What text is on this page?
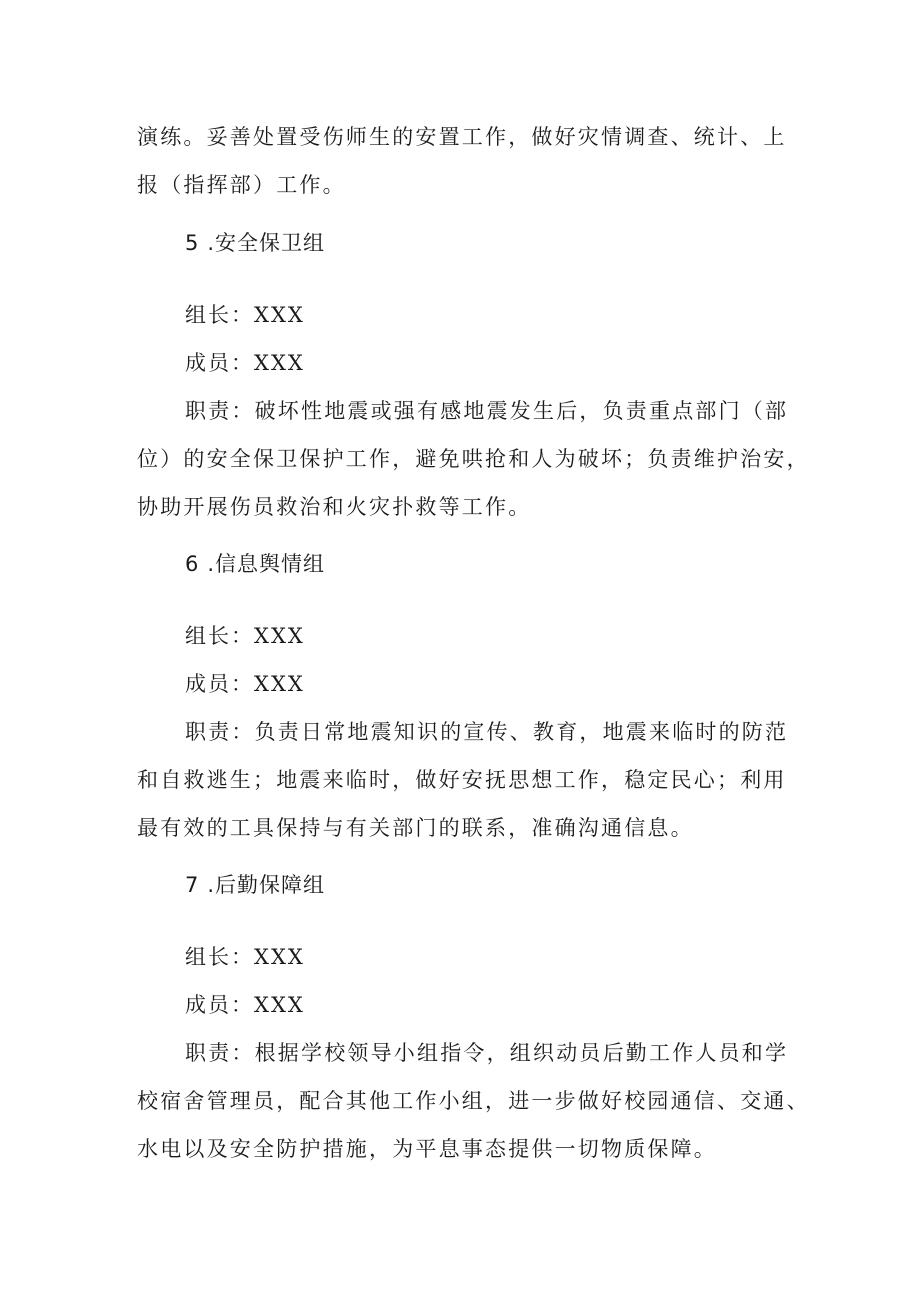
演练。妥善处置受伤师生的安置工作，做好灾情调查、统计、上
报（指挥部）工作。
5 .安全保卫组
组长：XXX
成员：XXX
职责：破坏性地震或强有感地震发生后，负责重点部门（部
位）的安全保卫保护工作，避免哄抢和人为破坏；负责维护治安，
协助开展伤员救治和火灾扑救等工作。
6 .信息舆情组
组长：XXX
成员：XXX
职责：负责日常地震知识的宣传、教育，地震来临时的防范
和自救逃生；地震来临时，做好安抚思想工作，稳定民心；利用
最有效的工具保持与有关部门的联系，准确沟通信息。
7 .后勤保障组
组长：XXX
成员：XXX
职责：根据学校领导小组指令，组织动员后勤工作人员和学
校宿舍管理员，配合其他工作小组，进一步做好校园通信、交通、
水电以及安全防护措施，为平息事态提供一切物质保障。
